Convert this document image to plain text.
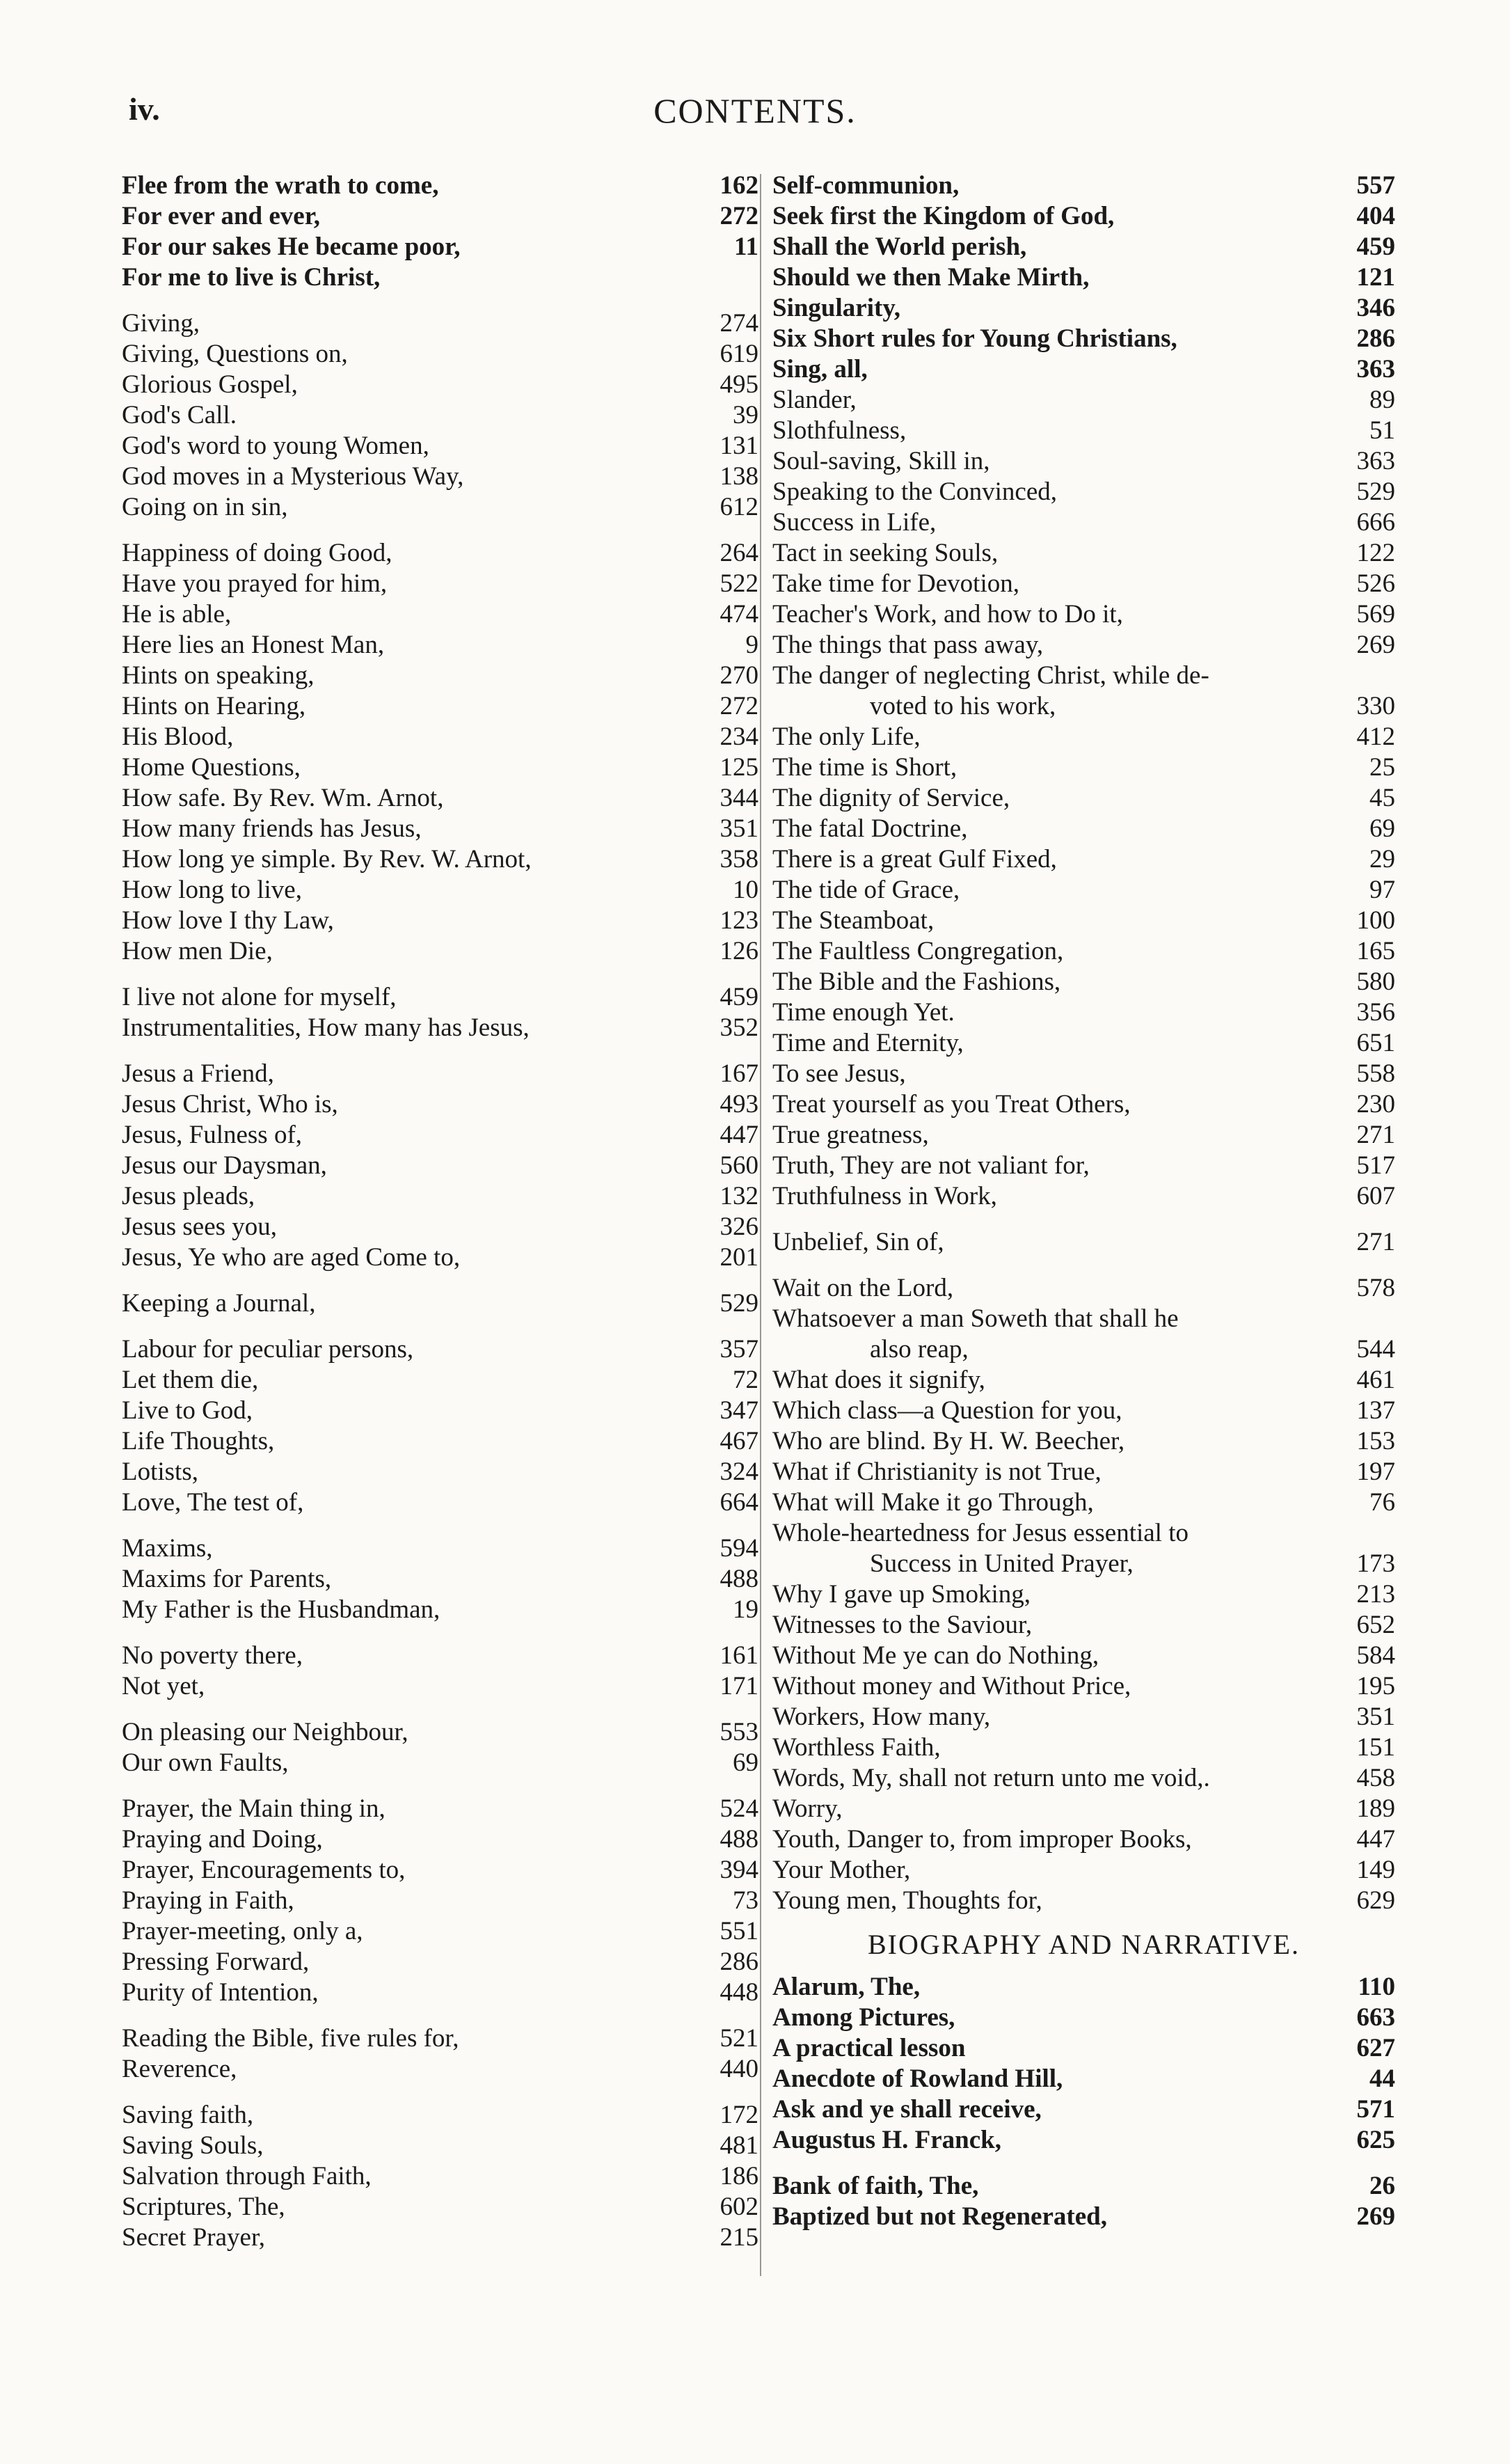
iv.	CONTENTS.
Flee from the wrath to come,	162
For ever and ever,	272
For our sakes He became poor,	11
For me to live is Christ,
Giving,	274
Giving, Questions on,	619
Glorious Gospel,	495
God's Call.	39
God's word to young Women,	131
God moves in a Mysterious Way,	138
Going on in sin,	612
Happiness of doing Good,	264
Have you prayed for him,	522
He is able,	474
Here lies an Honest Man,	9
Hints on speaking,	270
Hints on Hearing,	272
His Blood,	234
Home Questions,	125
How safe. By Rev. Wm. Arnot,	344
How many friends has Jesus,	351
How long ye simple. By Rev. W. Arnot,	358
How long to live,	10
How love I thy Law,	123
How men Die,	126
I live not alone for myself,	459
Instrumentalities, How many has Jesus,	352
Jesus a Friend,	167
Jesus Christ, Who is,	493
Jesus, Fulness of,	447
Jesus our Daysman,	560
Jesus pleads,	132
Jesus sees you,	326
Jesus, Ye who are aged Come to,	201
Keeping a Journal,	529
Labour for peculiar persons,	357
Let them die,	72
Live to God,	347
Life Thoughts,	467
Lotists,	324
Love, The test of,	664
Maxims,	594
Maxims for Parents,	488
My Father is the Husbandman,	19
No poverty there,	161
Not yet,	171
On pleasing our Neighbour,	553
Our own Faults,	69
Prayer, the Main thing in,	524
Praying and Doing,	488
Prayer, Encouragements to,	394
Praying in Faith,	73
Prayer-meeting, only a,	551
Pressing Forward,	286
Purity of Intention,	448
Reading the Bible, five rules for,	521
Reverence,	440
Saving faith,	172
Saving Souls,	481
Salvation through Faith,	186
Scriptures, The,	602
Secret Prayer,	215
Self-communion,	557
Seek first the Kingdom of God,	404
Shall the World perish,	459
Should we then Make Mirth,	121
Singularity,	346
Six Short rules for Young Christians,	286
Sing, all,	363
Slander,	89
Slothfulness,	51
Soul-saving, Skill in,	363
Speaking to the Convinced,	529
Success in Life,	666
Tact in seeking Souls,	122
Take time for Devotion,	526
Teacher's Work, and how to Do it,	569
The things that pass away,	269
The danger of neglecting Christ, while de-
voted to his work,	330
The only Life,	412
The time is Short,	25
The dignity of Service,	45
The fatal Doctrine,	69
There is a great Gulf Fixed,	29
The tide of Grace,	97
The Steamboat,	100
The Faultless Congregation,	165
The Bible and the Fashions,	580
Time enough Yet.	356
Time and Eternity,	651
To see Jesus,	558
Treat yourself as you Treat Others,	230
True greatness,	271
Truth, They are not valiant for,	517
Truthfulness in Work,	607
Unbelief, Sin of,	271
Wait on the Lord,	578
Whatsoever a man Soweth that shall he
also reap,	544
What does it signify,	461
Which class—a Question for you,	137
Who are blind. By H. W. Beecher,	153
What if Christianity is not True,	197
What will Make it go Through,	76
Whole-heartedness for Jesus essential to
Success in United Prayer,	173
Why I gave up Smoking,	213
Witnesses to the Saviour,	652
Without Me ye can do Nothing,	584
Without money and Without Price,	195
Workers, How many,	351
Worthless Faith,	151
Words, My, shall not return unto me void,.	458
Worry,	189
Youth, Danger to, from improper Books,	447
Your Mother,	149
Young men, Thoughts for,	629
BIOGRAPHY AND NARRATIVE.
Alarum, The,	110
Among Pictures,	663
A practical lesson	627
Anecdote of Rowland Hill,	44
Ask and ye shall receive,	571
Augustus H. Franck,	625
Bank of faith, The,	26
Baptized but not Regenerated,	269
